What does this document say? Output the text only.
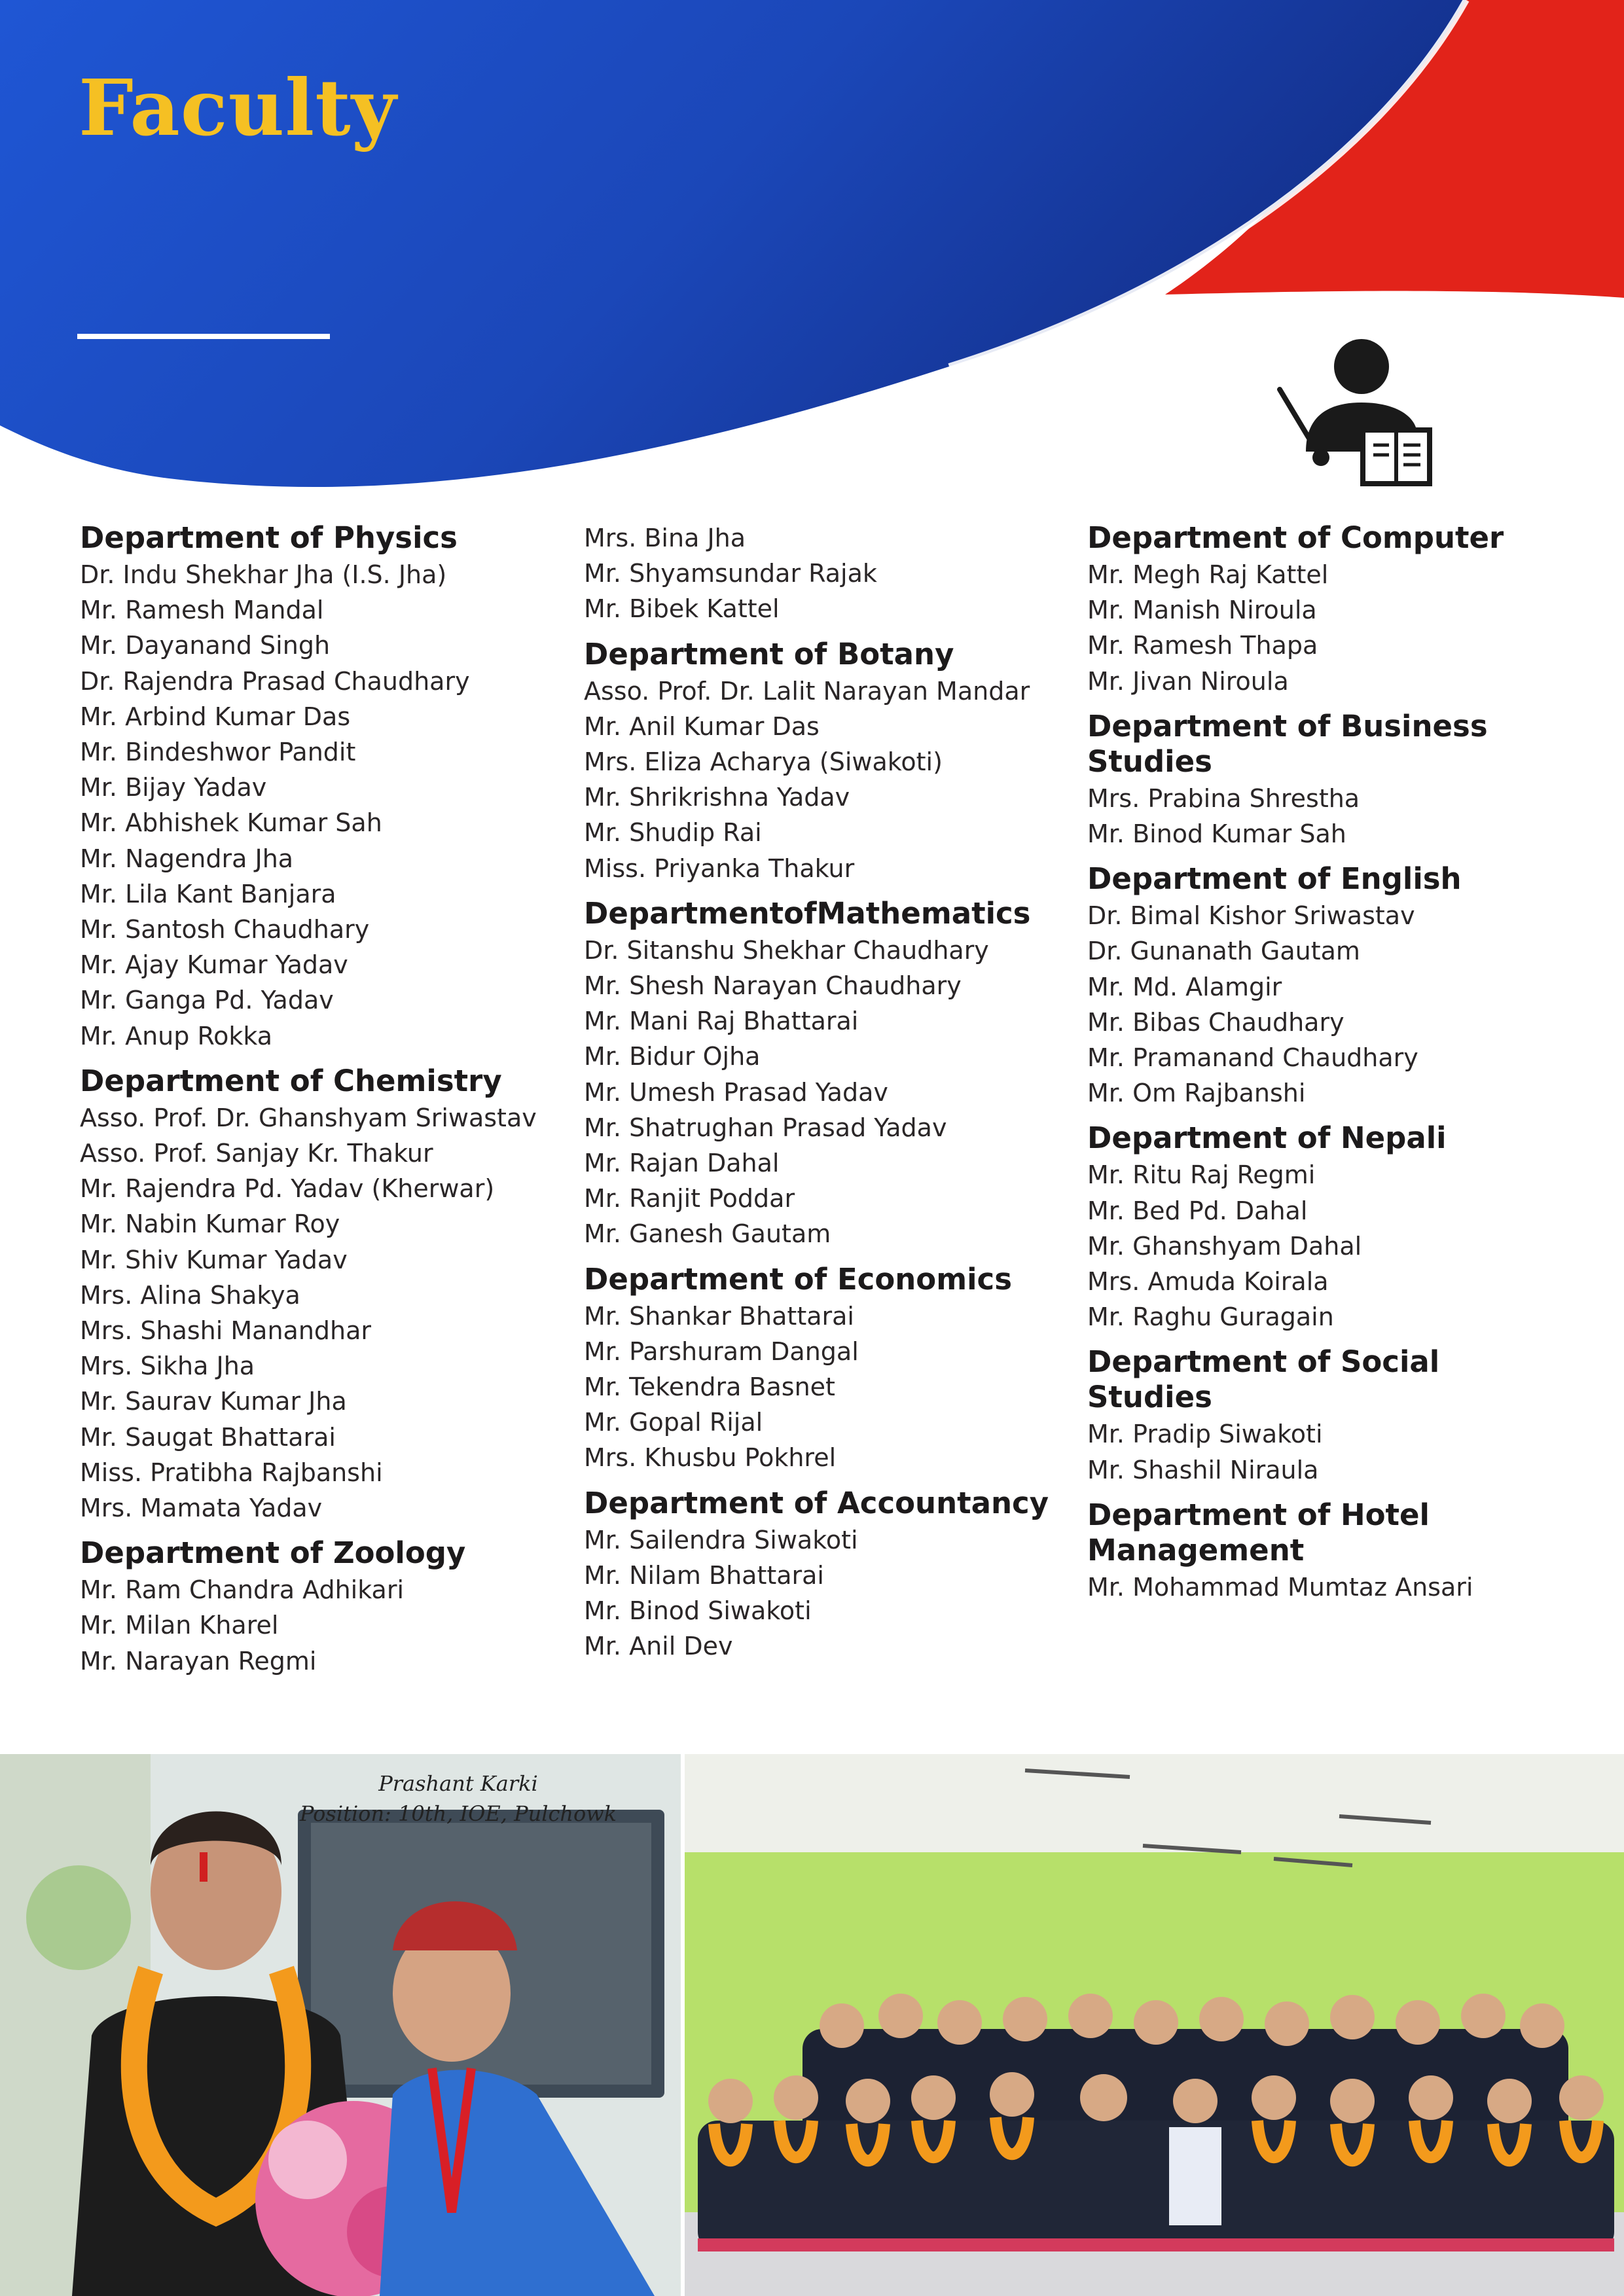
Faculty
Department of Physics
Dr. Indu Shekhar Jha (I.S. Jha)
Mr. Ramesh Mandal
Mr. Dayanand Singh
Dr. Rajendra Prasad Chaudhary
Mr. Arbind Kumar Das
Mr. Bindeshwor Pandit
Mr. Bijay Yadav
Mr. Abhishek Kumar Sah
Mr. Nagendra Jha
Mr. Lila Kant Banjara
Mr. Santosh Chaudhary
Mr. Ajay Kumar Yadav
Mr. Ganga Pd. Yadav
Mr. Anup Rokka
Department of Chemistry
Asso. Prof. Dr. Ghanshyam Sriwastav
Asso. Prof. Sanjay Kr. Thakur
Mr. Rajendra Pd. Yadav (Kherwar)
Mr. Nabin Kumar Roy
Mr. Shiv Kumar Yadav
Mrs. Alina Shakya
Mrs. Shashi Manandhar
Mrs. Sikha Jha
Mr. Saurav Kumar Jha
Mr. Saugat Bhattarai
Miss. Pratibha Rajbanshi
Mrs. Mamata Yadav
Department of Zoology
Mr. Ram Chandra Adhikari
Mr. Milan Kharel
Mr. Narayan Regmi
Mrs. Bina Jha
Mr. Shyamsundar Rajak
Mr. Bibek Kattel
Department of Botany
Asso. Prof. Dr. Lalit Narayan Mandar
Mr. Anil Kumar Das
Mrs. Eliza Acharya (Siwakoti)
Mr. Shrikrishna Yadav
Mr. Shudip Rai
Miss. Priyanka Thakur
DepartmentofMathematics
Dr. Sitanshu Shekhar Chaudhary
Mr. Shesh Narayan Chaudhary
Mr. Mani Raj Bhattarai
Mr. Bidur Ojha
Mr. Umesh Prasad Yadav
Mr. Shatrughan Prasad Yadav
Mr. Rajan Dahal
Mr. Ranjit Poddar
Mr. Ganesh Gautam
Department of Economics
Mr. Shankar Bhattarai
Mr. Parshuram Dangal
Mr. Tekendra Basnet
Mr. Gopal Rijal
Mrs. Khusbu Pokhrel
Department of Accountancy
Mr. Sailendra Siwakoti
Mr. Nilam Bhattarai
Mr. Binod Siwakoti
Mr. Anil Dev
Department of Computer
Mr. Megh Raj Kattel
Mr. Manish Niroula
Mr. Ramesh Thapa
Mr. Jivan Niroula
Department of Business Studies
Mrs. Prabina Shrestha
Mr. Binod Kumar Sah
Department of English
Dr. Bimal Kishor Sriwastav
Dr. Gunanath Gautam
Mr. Md. Alamgir
Mr. Bibas Chaudhary
Mr. Pramanand Chaudhary
Mr. Om Rajbanshi
Department of Nepali
Mr. Ritu Raj Regmi
Mr. Bed Pd. Dahal
Mr. Ghanshyam Dahal
Mrs. Amuda Koirala
Mr. Raghu Guragain
Department of Social Studies
Mr. Pradip Siwakoti
Mr. Shashil Niraula
Department of Hotel Management
Mr. Mohammad Mumtaz Ansari
Prashant Karki
Position: 10th, IOE, Pulchowk
